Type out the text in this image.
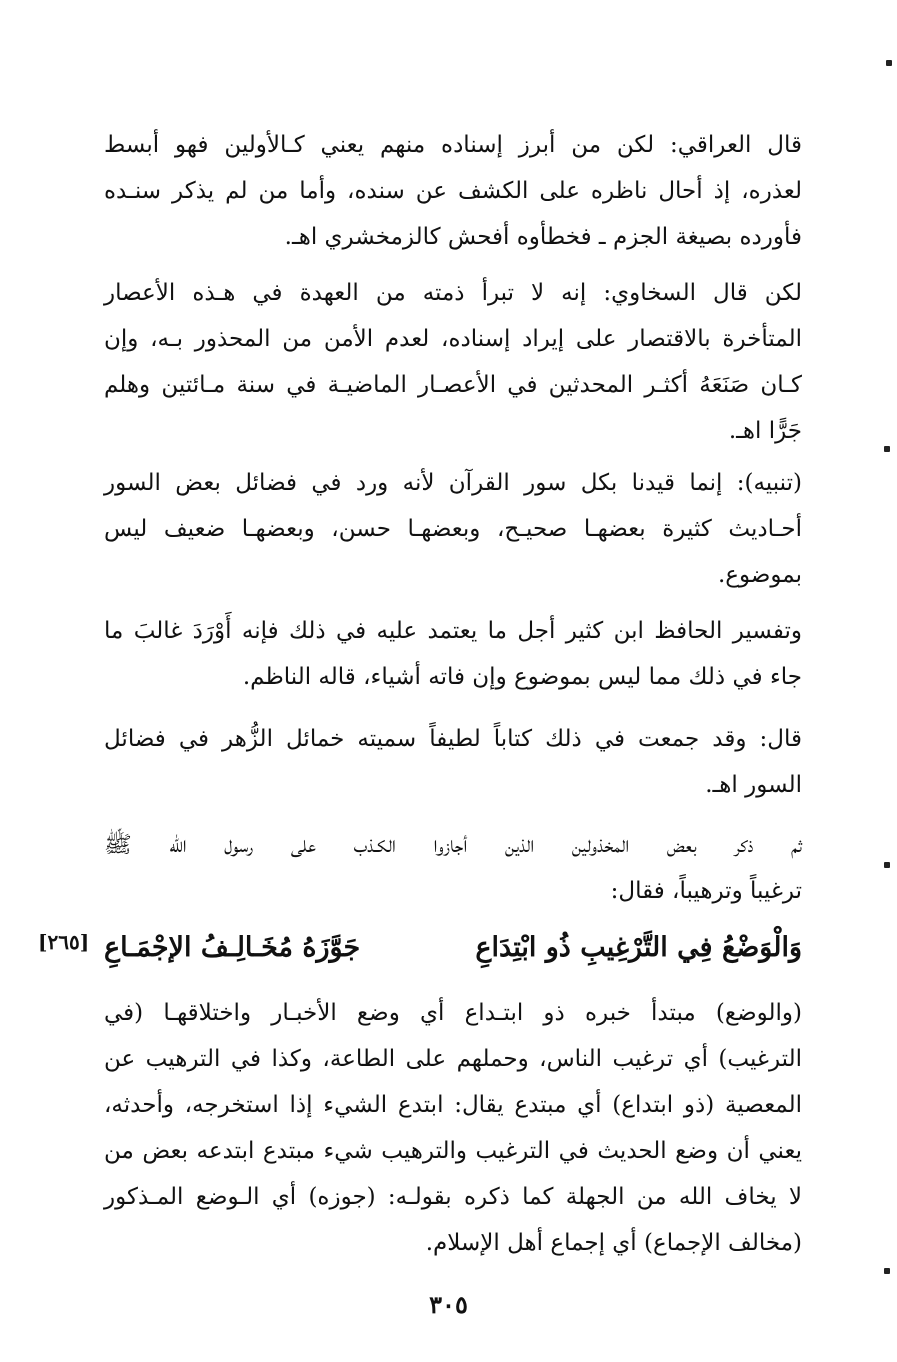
قال العراقي: لكن من أبرز إسناده منهم يعني كـالأولين فهو أبسط
لعذره، إذ أحال ناظره على الكشف عن سنده، وأما من لم يذكر سنـده
فأورده بصيغة الجزم ـ فخطأوه أفحش كالزمخشري اهـ.

لكن قال السخاوي: إنه لا تبرأ ذمته من العهدة في هـذه الأعصار
المتأخرة بالاقتصار على إيراد إسناده، لعدم الأمن من المحذور بـه، وإن
كـان صَنَعَهُ أكثـر المحدثين في الأعصـار الماضيـة في سنة مـائتين وهلم
جَرًّا اهـ.

(تنبيه): إنما قيدنا بكل سور القرآن لأنه ورد في فضائل بعض السور
أحـاديث كثيرة بعضهـا صحيـح، وبعضهـا حسن، وبعضهـا ضعيف ليس
بموضوع.

وتفسير الحافظ ابن كثير أجل ما يعتمد عليه في ذلك فإنه أَوْرَدَ غالبَ ما
جاء في ذلك مما ليس بموضوع وإن فاته أشياء، قاله الناظم.

قال: وقد جمعت في ذلك كتاباً لطيفاً سميته خمائل الزُّهر في فضائل
السور اهـ.

ثم ذكر بعض المخذولين الذين أجازوا الكـذب على رسول الله ﷺ
ترغيباً وترهيباً، فقال:

وَالْوَضْعُ فِي التَّرْغِيبِ ذُو ابْتِدَاعِ
جَوَّزَهُ مُخَـالِـفُ الإجْمَـاعِ

(والوضع) مبتدأ خبره ذو ابتـداع أي وضع الأخبـار واختلاقهـا (في
الترغيب) أي ترغيب الناس، وحملهم على الطاعة، وكذا في الترهيب عن
المعصية (ذو ابتداع) أي مبتدع يقال: ابتدع الشيء إذا استخرجه، وأحدثه،
يعني أن وضع الحديث في الترغيب والترهيب شيء مبتدع ابتدعه بعض من
لا يخاف الله من الجهلة كما ذكره بقولـه: (جوزه) أي الـوضع المـذكور
(مخالف الإجماع) أي إجماع أهل الإسلام.

[٢٦٥]
٣٠٥
